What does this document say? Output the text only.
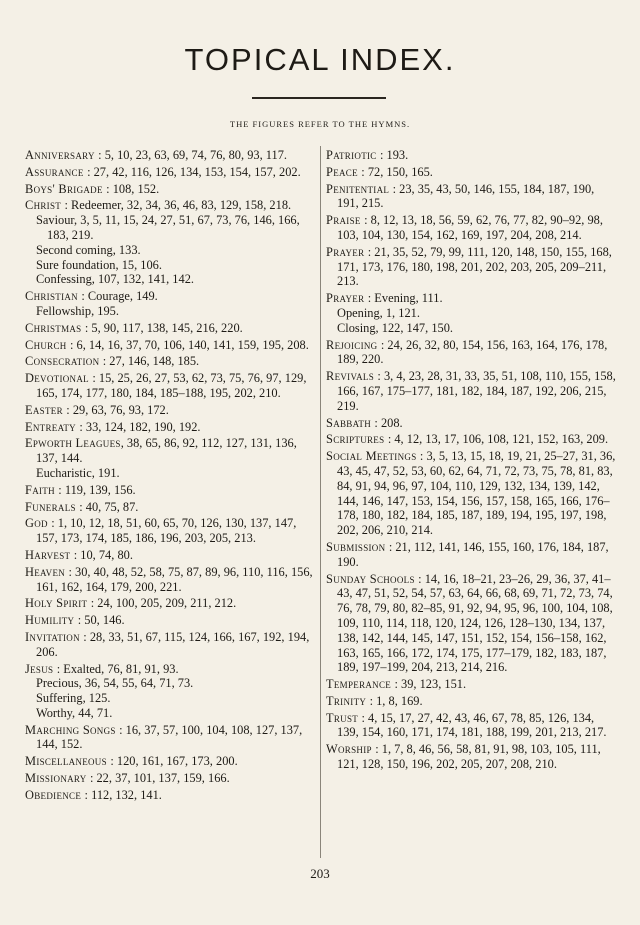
TOPICAL INDEX.
THE FIGURES REFER TO THE HYMNS.

Anniversary : 5, 10, 23, 63, 69, 74, 76, 80, 93, 117.

Assurance : 27, 42, 116, 126, 134, 153, 154, 157, 202.

Boys' Brigade : 108, 152.

Christ : Redeemer, 32, 34, 36, 46, 83, 129, 158, 218.

Saviour, 3, 5, 11, 15, 24, 27, 51, 67, 73, 76, 146, 166, 183, 219.

Second coming, 133.

Sure foundation, 15, 106.

Confessing, 107, 132, 141, 142.

Christian : Courage, 149.

Fellowship, 195.

Christmas : 5, 90, 117, 138, 145, 216, 220.

Church : 6, 14, 16, 37, 70, 106, 140, 141, 159, 195, 208.

Consecration : 27, 146, 148, 185.

Devotional : 15, 25, 26, 27, 53, 62, 73, 75, 76, 97, 129, 165, 174, 177, 180, 184, 185–188, 195, 202, 210.

Easter : 29, 63, 76, 93, 172.

Entreaty : 33, 124, 182, 190, 192.

Epworth Leagues, 38, 65, 86, 92, 112, 127, 131, 136, 137, 144.

Eucharistic, 191.

Faith : 119, 139, 156.

Funerals : 40, 75, 87.

God : 1, 10, 12, 18, 51, 60, 65, 70, 126, 130, 137, 147, 157, 173, 174, 185, 186, 196, 203, 205, 213.

Harvest : 10, 74, 80.

Heaven : 30, 40, 48, 52, 58, 75, 87, 89, 96, 110, 116, 156, 161, 162, 164, 179, 200, 221.

Holy Spirit : 24, 100, 205, 209, 211, 212.

Humility : 50, 146.

Invitation : 28, 33, 51, 67, 115, 124, 166, 167, 192, 194, 206.

Jesus : Exalted, 76, 81, 91, 93.

Precious, 36, 54, 55, 64, 71, 73.

Suffering, 125.

Worthy, 44, 71.

Marching Songs : 16, 37, 57, 100, 104, 108, 127, 137, 144, 152.

Miscellaneous : 120, 161, 167, 173, 200.

Missionary : 22, 37, 101, 137, 159, 166.

Obedience : 112, 132, 141.

Patriotic : 193.

Peace : 72, 150, 165.

Penitential : 23, 35, 43, 50, 146, 155, 184, 187, 190, 191, 215.

Praise : 8, 12, 13, 18, 56, 59, 62, 76, 77, 82, 90–92, 98, 103, 104, 130, 154, 162, 169, 197, 204, 208, 214.

Prayer : 21, 35, 52, 79, 99, 111, 120, 148, 150, 155, 168, 171, 173, 176, 180, 198, 201, 202, 203, 205, 209–211, 213.

Prayer : Evening, 111.

Opening, 1, 121.

Closing, 122, 147, 150.

Rejoicing : 24, 26, 32, 80, 154, 156, 163, 164, 176, 178, 189, 220.

Revivals : 3, 4, 23, 28, 31, 33, 35, 51, 108, 110, 155, 158, 166, 167, 175–177, 181, 182, 184, 187, 192, 206, 215, 219.

Sabbath : 208.

Scriptures : 4, 12, 13, 17, 106, 108, 121, 152, 163, 209.

Social Meetings : 3, 5, 13, 15, 18, 19, 21, 25–27, 31, 36, 43, 45, 47, 52, 53, 60, 62, 64, 71, 72, 73, 75, 78, 81, 83, 84, 91, 94, 96, 97, 104, 110, 129, 132, 134, 139, 142, 144, 146, 147, 153, 154, 156, 157, 158, 165, 166, 176–178, 180, 182, 184, 185, 187, 189, 194, 195, 197, 198, 202, 206, 210, 214.

Submission : 21, 112, 141, 146, 155, 160, 176, 184, 187, 190.

Sunday Schools : 14, 16, 18–21, 23–26, 29, 36, 37, 41–43, 47, 51, 52, 54, 57, 63, 64, 66, 68, 69, 71, 72, 73, 74, 76, 78, 79, 80, 82–85, 91, 92, 94, 95, 96, 100, 104, 108, 109, 110, 114, 118, 120, 124, 126, 128–130, 134, 137, 138, 142, 144, 145, 147, 151, 152, 154, 156–158, 162, 163, 165, 166, 172, 174, 175, 177–179, 182, 183, 187, 189, 197–199, 204, 213, 214, 216.

Temperance : 39, 123, 151.

Trinity : 1, 8, 169.

Trust : 4, 15, 17, 27, 42, 43, 46, 67, 78, 85, 126, 134, 139, 154, 160, 171, 174, 181, 188, 199, 201, 213, 217.

Worship : 1, 7, 8, 46, 56, 58, 81, 91, 98, 103, 105, 111, 121, 128, 150, 196, 202, 205, 207, 208, 210.

203
